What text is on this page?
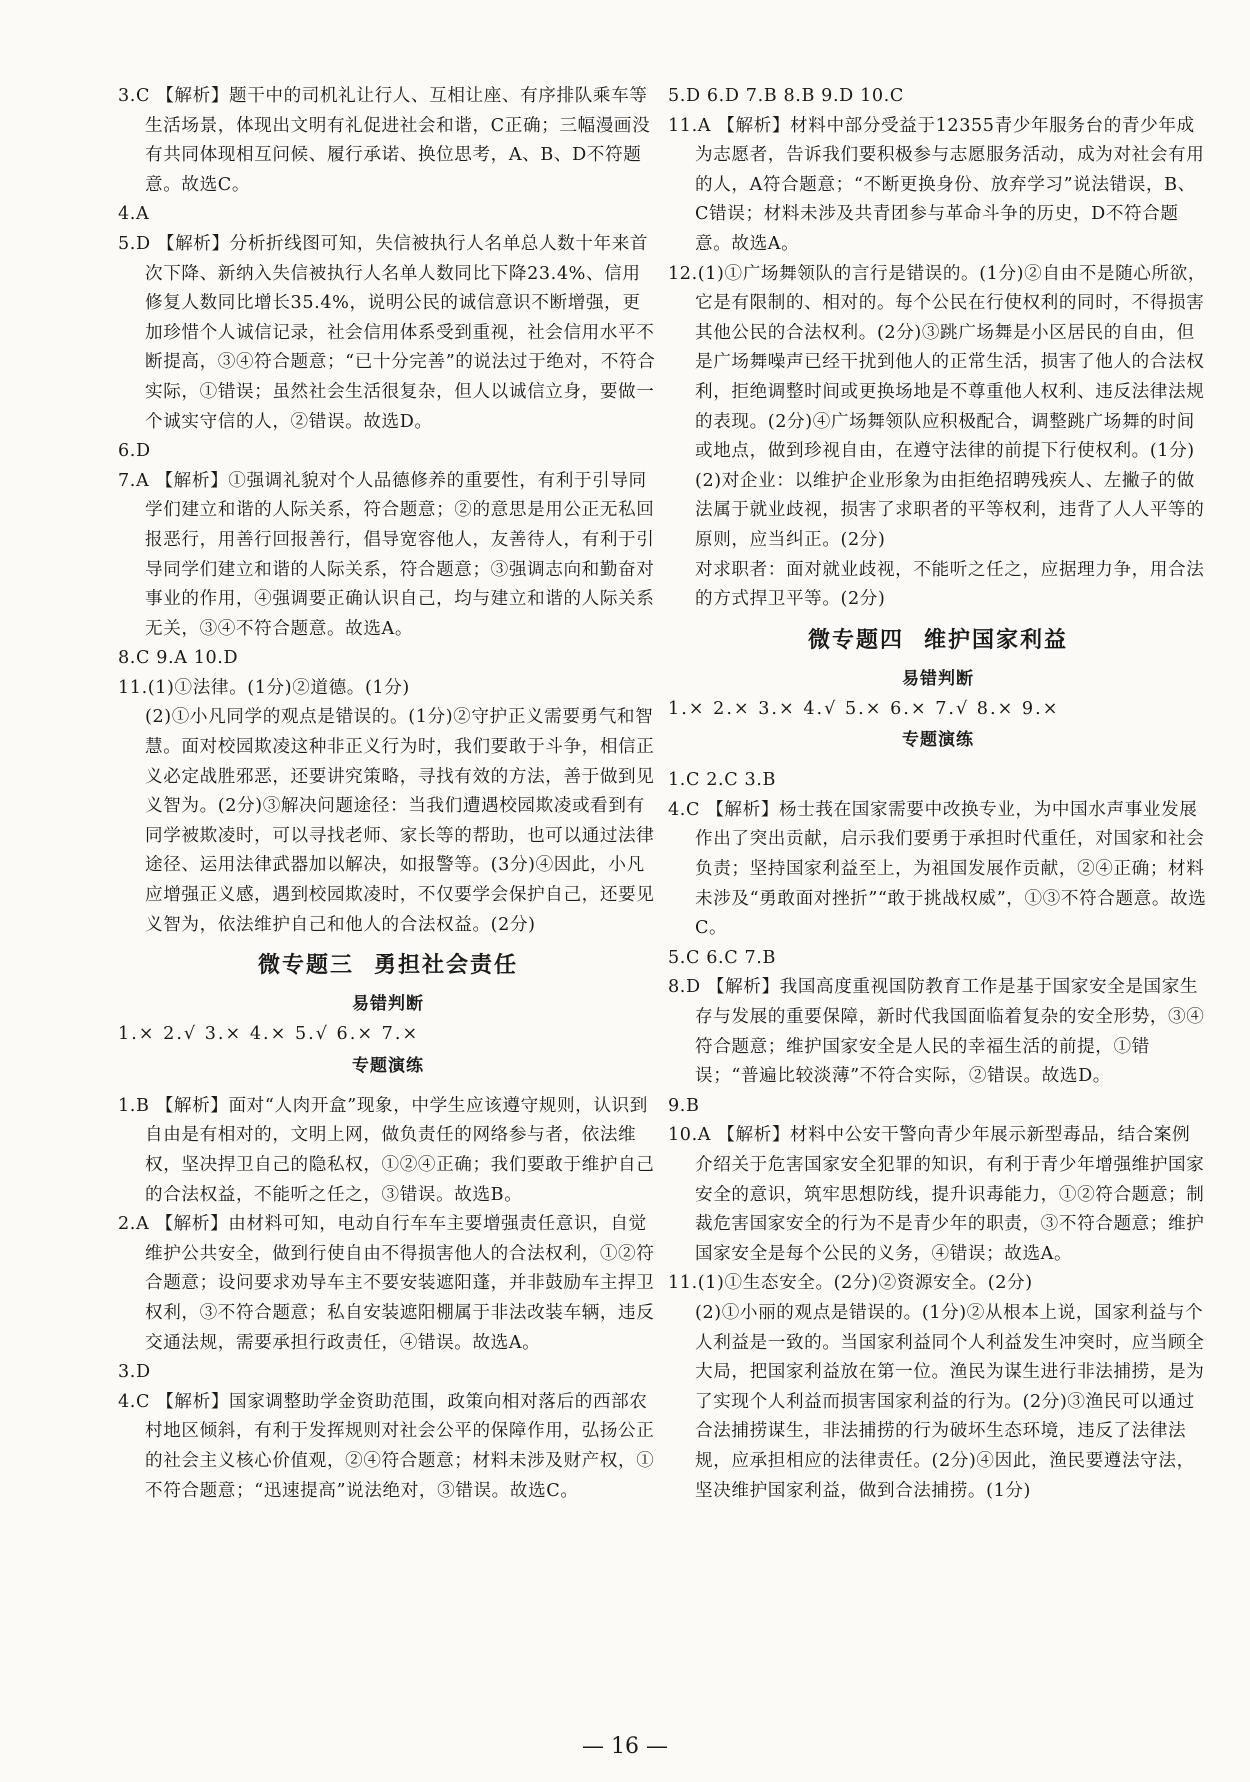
3.C 【解析】题干中的司机礼让行人、互相让座、有序排队乘车等生活场景，体现出文明有礼促进社会和谐，C正确；三幅漫画没有共同体现相互问候、履行承诺、换位思考，A、B、D不符题意。故选C。
4.A
5.D 【解析】分析折线图可知，失信被执行人名单总人数十年来首次下降、新纳入失信被执行人名单人数同比下降23.4%、信用修复人数同比增长35.4%，说明公民的诚信意识不断增强，更加珍惜个人诚信记录，社会信用体系受到重视，社会信用水平不断提高，③④符合题意；“已十分完善”的说法过于绝对，不符合实际，①错误；虽然社会生活很复杂，但人以诚信立身，要做一个诚实守信的人，②错误。故选D。
6.D
7.A 【解析】①强调礼貌对个人品德修养的重要性，有利于引导同学们建立和谐的人际关系，符合题意；②的意思是用公正无私回报恶行，用善行回报善行，倡导宽容他人，友善待人，有利于引导同学们建立和谐的人际关系，符合题意；③强调志向和勤奋对事业的作用，④强调要正确认识自己，均与建立和谐的人际关系无关，③④不符合题意。故选A。
8.C 9.A 10.D
11.(1)①法律。(1分)②道德。(1分)
(2)①小凡同学的观点是错误的。(1分)②守护正义需要勇气和智慧。面对校园欺凌这种非正义行为时，我们要敢于斗争，相信正义必定战胜邪恶，还要讲究策略，寻找有效的方法，善于做到见义智为。(2分)③解决问题途径：当我们遭遇校园欺凌或看到有同学被欺凌时，可以寻找老师、家长等的帮助，也可以通过法律途径、运用法律武器加以解决，如报警等。(3分)④因此，小凡应增强正义感，遇到校园欺凌时，不仅要学会保护自己，还要见义智为，依法维护自己和他人的合法权益。(2分)
微专题三 勇担社会责任
易错判断
1.× 2.√ 3.× 4.× 5.√ 6.× 7.×
专题演练
1.B 【解析】面对“人肉开盒”现象，中学生应该遵守规则，认识到自由是有相对的，文明上网，做负责任的网络参与者，依法维权，坚决捍卫自己的隐私权，①②④正确；我们要敢于维护自己的合法权益，不能听之任之，③错误。故选B。
2.A 【解析】由材料可知，电动自行车车主要增强责任意识，自觉维护公共安全，做到行使自由不得损害他人的合法权利，①②符合题意；设问要求劝导车主不要安装遮阳蓬，并非鼓励车主捍卫权利，③不符合题意；私自安装遮阳棚属于非法改装车辆，违反交通法规，需要承担行政责任，④错误。故选A。
3.D
4.C 【解析】国家调整助学金资助范围，政策向相对落后的西部农村地区倾斜，有利于发挥规则对社会公平的保障作用，弘扬公正的社会主义核心价值观，②④符合题意；材料未涉及财产权，①不符合题意；“迅速提高”说法绝对，③错误。故选C。
5.D 6.D 7.B 8.B 9.D 10.C
11.A 【解析】材料中部分受益于12355青少年服务台的青少年成为志愿者，告诉我们要积极参与志愿服务活动，成为对社会有用的人，A符合题意；“不断更换身份、放弃学习”说法错误，B、C错误；材料未涉及共青团参与革命斗争的历史，D不符合题意。故选A。
12.(1)①广场舞领队的言行是错误的。(1分)②自由不是随心所欲，它是有限制的、相对的。每个公民在行使权利的同时，不得损害其他公民的合法权利。(2分)③跳广场舞是小区居民的自由，但是广场舞噪声已经干扰到他人的正常生活，损害了他人的合法权利，拒绝调整时间或更换场地是不尊重他人权利、违反法律法规的表现。(2分)④广场舞领队应积极配合，调整跳广场舞的时间或地点，做到珍视自由，在遵守法律的前提下行使权利。(1分)
(2)对企业：以维护企业形象为由拒绝招聘残疾人、左撇子的做法属于就业歧视，损害了求职者的平等权利，违背了人人平等的原则，应当纠正。(2分)
对求职者：面对就业歧视，不能听之任之，应据理力争，用合法的方式捍卫平等。(2分)
微专题四 维护国家利益
易错判断
1.× 2.× 3.× 4.√ 5.× 6.× 7.√ 8.× 9.×
专题演练
1.C 2.C 3.B
4.C 【解析】杨士莪在国家需要中改换专业，为中国水声事业发展作出了突出贡献，启示我们要勇于承担时代重任，对国家和社会负责；坚持国家利益至上，为祖国发展作贡献，②④正确；材料未涉及“勇敢面对挫折”“敢于挑战权威”，①③不符合题意。故选C。
5.C 6.C 7.B
8.D 【解析】我国高度重视国防教育工作是基于国家安全是国家生存与发展的重要保障，新时代我国面临着复杂的安全形势，③④符合题意；维护国家安全是人民的幸福生活的前提，①错误；“普遍比较淡薄”不符合实际，②错误。故选D。
9.B
10.A 【解析】材料中公安干警向青少年展示新型毒品，结合案例介绍关于危害国家安全犯罪的知识，有利于青少年增强维护国家安全的意识，筑牢思想防线，提升识毒能力，①②符合题意；制裁危害国家安全的行为不是青少年的职责，③不符合题意；维护国家安全是每个公民的义务，④错误；故选A。
11.(1)①生态安全。(2分)②资源安全。(2分)
(2)①小丽的观点是错误的。(1分)②从根本上说，国家利益与个人利益是一致的。当国家利益同个人利益发生冲突时，应当顾全大局，把国家利益放在第一位。渔民为谋生进行非法捕捞，是为了实现个人利益而损害国家利益的行为。(2分)③渔民可以通过合法捕捞谋生，非法捕捞的行为破坏生态环境，违反了法律法规，应承担相应的法律责任。(2分)④因此，渔民要遵法守法，坚决维护国家利益，做到合法捕捞。(1分)
— 16 —
